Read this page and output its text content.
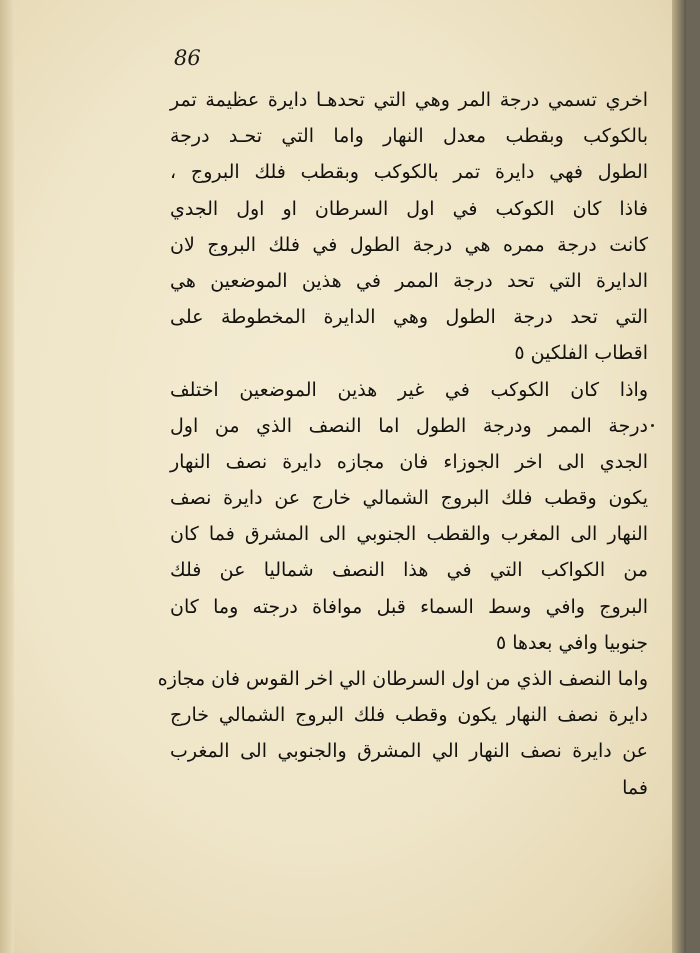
86
اخري تسمي درجة المر وهي التي تحدهـا دايرة عظيمة تمر
بالكوكب وبقطب معدل النهار واما التي تحـد درجة
الطول فهي دايرة تمر بالكوكب وبقطب فلك البروج ،
فاذا كان الكوكب في اول السرطان او اول الجدي
كانت درجة ممره هي درجة الطول في فلك البروج لان
الدايرة التي تحد درجة الممر في هذين الموضعين هي
التي تحد درجة الطول وهي الدايرة المخطوطة على
اقطاب الفلكين ٥
واذا كان الكوكب في غير هذين الموضعين اختلف
درجة الممر ودرجة الطول اما النصف الذي من اول
الجدي الى اخر الجوزاء فان مجازه دايرة نصف النهار
يكون وقطب فلك البروج الشمالي خارج عن دايرة نصف
النهار الى المغرب والقطب الجنوبي الى المشرق فما كان
من الكواكب التي في هذا النصف شماليا عن فلك
البروج وافي وسط السماء قبل موافاة درجته وما كان
جنوبيا وافي بعدها ٥
واما النصف الذي من اول السرطان الي اخر القوس فان مجازه
دايرة نصف النهار يكون وقطب فلك البروج الشمالي خارج
عن دايرة نصف النهار الي المشرق والجنوبي الى المغرب
فما
